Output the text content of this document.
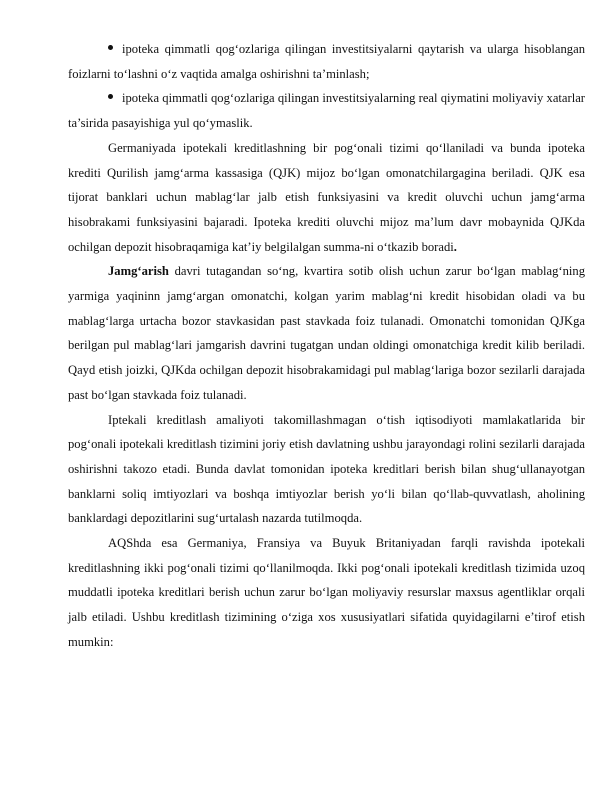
ipoteka qimmatli qog‘ozlariga qilingan investitsiyalarni qaytarish va ularga hisoblangan foizlarni to‘lashni o‘z vaqtida amalga oshirishni ta’minlash;

ipoteka qimmatli qog‘ozlariga qilingan investitsiyalarning real qiymatini moliyaviy xatarlar ta’sirida pasayishiga yul qo‘ymaslik.

Germaniyada ipotekali kreditlashning bir pog‘onali tizimi qo‘llaniladi va bunda ipoteka krediti Qurilish jamg‘arma kassasiga (QJK) mijoz bo‘lgan omonatchilargagina beriladi. QJK esa tijorat banklari uchun mablag‘lar jalb etish funksiyasini va kredit oluvchi uchun jamg‘arma hisobrakami funksiyasini bajaradi. Ipoteka krediti oluvchi mijoz ma’lum davr mobaynida QJKda ochilgan depozit hisobraqamiga kat’iy belgilalgan summa-ni o‘tkazib boradi.

Jamg‘arish davri tutagandan so‘ng, kvartira sotib olish uchun zarur bo‘lgan mablag‘ning yarmiga yaqininn jamg‘argan omonatchi, kolgan yarim mablag‘ni kredit hisobidan oladi va bu mablag‘larga urtacha bozor stavkasidan past stavkada foiz tulanadi. Omonatchi tomonidan QJKga berilgan pul mablag‘lari jamgarish davrini tugatgan undan oldingi omonatchiga kredit kilib beriladi. Qayd etish joizki, QJKda ochilgan depozit hisobrakamidagi pul mablag‘lariga bozor sezilarli darajada past bo‘lgan stavkada foiz tulanadi.

Iptekali kreditlash amaliyoti takomillashmagan o‘tish iqtisodiyoti mamlakatlarida bir pog‘onali ipotekali kreditlash tizimini joriy etish davlatning ushbu jarayondagi rolini sezilarli darajada oshirishni takozo etadi. Bunda davlat tomonidan ipoteka kreditlari berish bilan shug‘ullanayotgan banklarni soliq imtiyozlari va boshqa imtiyozlar berish yo‘li bilan qo‘llab-quvvatlash, aholining banklardagi depozitlarini sug‘urtalash nazarda tutilmoqda.

AQShda esa Germaniya, Fransiya va Buyuk Britaniyadan farqli ravishda ipotekali kreditlashning ikki pog‘onali tizimi qo‘llanilmoqda. Ikki pog‘onali ipotekali kreditlash tizimida uzoq muddatli ipoteka kreditlari berish uchun zarur bo‘lgan moliyaviy resurslar maxsus agentliklar orqali jalb etiladi. Ushbu kreditlash tizimining o‘ziga xos xususiyatlari sifatida quyidagilarni e’tirof etish mumkin:
